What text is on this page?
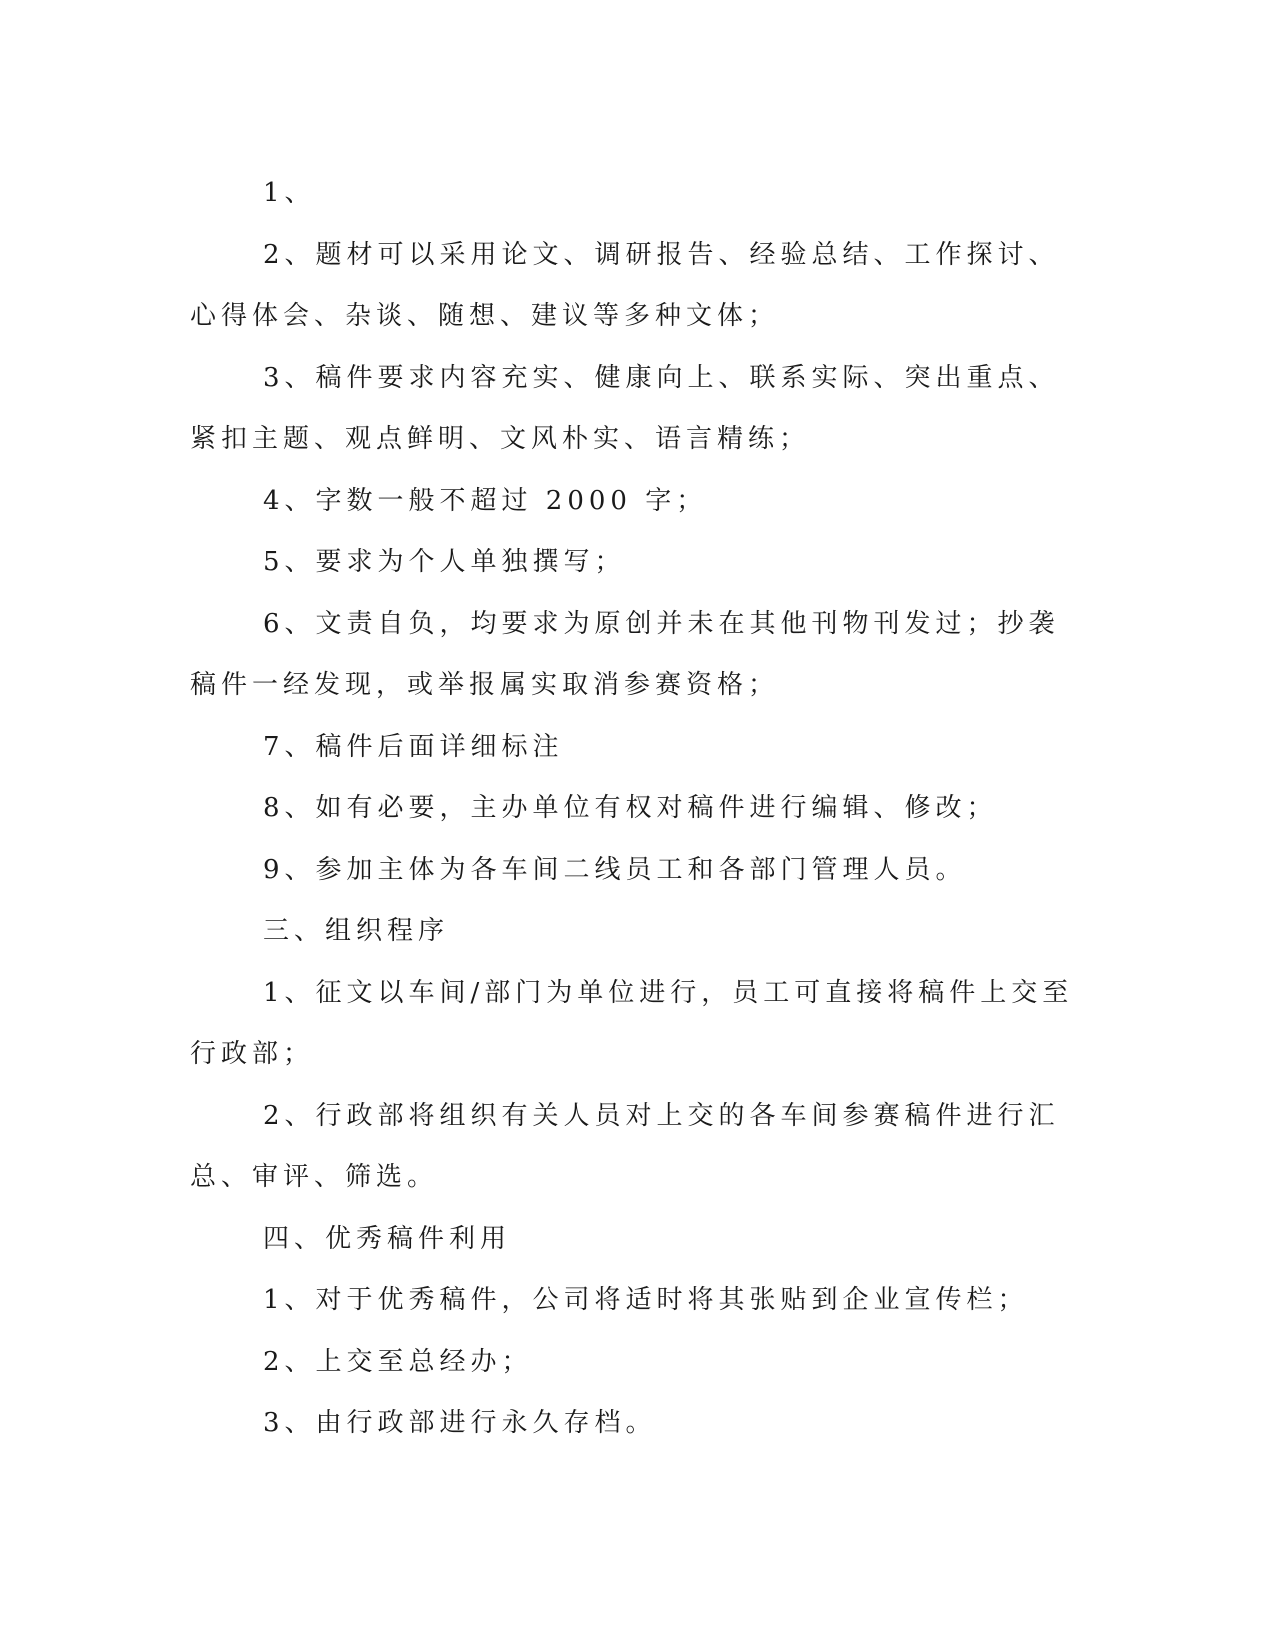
1、

2、题材可以采用论文、调研报告、经验总结、工作探讨、心得体会、杂谈、随想、建议等多种文体；

3、稿件要求内容充实、健康向上、联系实际、突出重点、紧扣主题、观点鲜明、文风朴实、语言精练；

4、字数一般不超过 2000 字；

5、要求为个人单独撰写；

6、文责自负，均要求为原创并未在其他刊物刊发过；抄袭稿件一经发现，或举报属实取消参赛资格；

7、稿件后面详细标注

8、如有必要，主办单位有权对稿件进行编辑、修改；

9、参加主体为各车间二线员工和各部门管理人员。

三、组织程序

1、征文以车间/部门为单位进行，员工可直接将稿件上交至行政部；

2、行政部将组织有关人员对上交的各车间参赛稿件进行汇总、审评、筛选。

四、优秀稿件利用

1、对于优秀稿件，公司将适时将其张贴到企业宣传栏；

2、上交至总经办；

3、由行政部进行永久存档。
